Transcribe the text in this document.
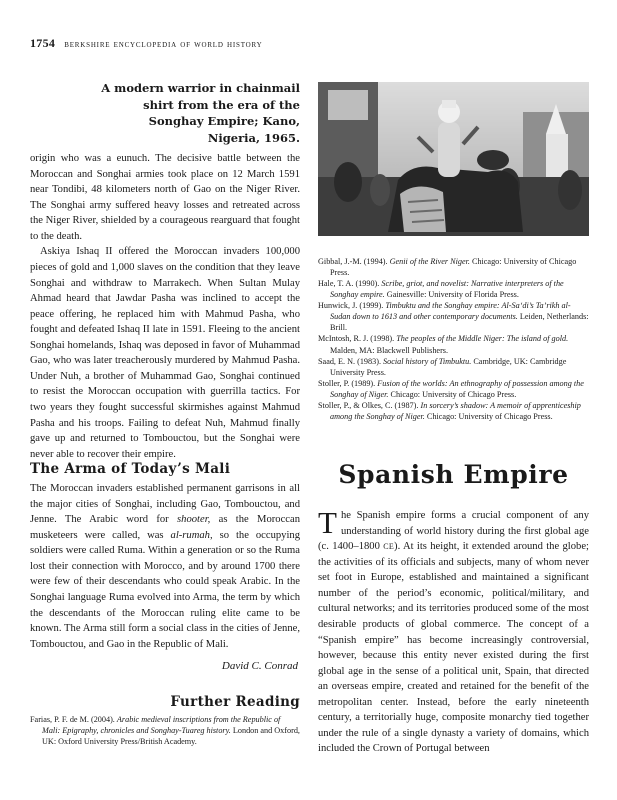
1754 berkshire encyclopedia of world history
A modern warrior in chainmail shirt from the era of the Songhay Empire; Kano, Nigeria, 1965.

origin who was a eunuch. The decisive battle between the Moroccan and Songhai armies took place on 12 March 1591 near Tondibi, 48 kilometers north of Gao on the Niger River. The Songhai army suffered heavy losses and retreated across the Niger River, shielded by a courageous rearguard that fought to the death.

Askiya Ishaq II offered the Moroccan invaders 100,000 pieces of gold and 1,000 slaves on the condition that they leave Songhai and withdraw to Marrakech. When Sultan Mulay Ahmad heard that Jawdar Pasha was inclined to accept the peace offering, he replaced him with Mahmud Pasha, who fought and defeated Ishaq II late in 1591. Fleeing to the ancient Songhai homelands, Ishaq was deposed in favor of Muhammad Gao, who was later treacherously murdered by Mahmud Pasha. Under Nuh, a brother of Muhammad Gao, Songhai continued to resist the Moroccan occupation with guerrilla tactics. For two years they fought successful skirmishes against Mahmud Pasha and his troops. Failing to defeat Nuh, Mahmud finally gave up and returned to Tombouctou, but the Songhai were never able to recover their empire.

The Arma of Today’s Mali

The Moroccan invaders established permanent garrisons in all the major cities of Songhai, including Gao, Tombouctou, and Jenne. The Arabic word for shooter, as the Moroccan musketeers were called, was al-rumah, so the occupying soldiers were called Ruma. Within a generation or so the Ruma lost their connection with Morocco, and by around 1700 there were few of their descendants who could speak Arabic. In the Songhai language Ruma evolved into Arma, the term by which the descendants of the Moroccan ruling elite came to be known. The Arma still form a social class in the cities of Jenne, Tombouctou, and Gao in the Republic of Mali.

David C. Conrad
Further Reading

Farias, P. F. de M. (2004). Arabic medieval inscriptions from the Republic of Mali: Epigraphy, chronicles and Songhay-Tuareg history. London and Oxford, UK: Oxford University Press/British Academy.

Gibbal, J.-M. (1994). Genii of the River Niger. Chicago: University of Chicago Press.

Hale, T. A. (1990). Scribe, griot, and novelist: Narrative interpreters of the Songhay empire. Gainesville: University of Florida Press.

Hunwick, J. (1999). Timbuktu and the Songhay empire: Al-Sa‘di’s Ta’rikh al-Sudan down to 1613 and other contemporary documents. Leiden, Netherlands: Brill.

McIntosh, R. J. (1998). The peoples of the Middle Niger: The island of gold. Malden, MA: Blackwell Publishers.

Saad, E. N. (1983). Social history of Timbuktu. Cambridge, UK: Cambridge University Press.

Stoller, P. (1989). Fusion of the worlds: An ethnography of possession among the Songhay of Niger. Chicago: University of Chicago Press.

Stoller, P., & Olkes, C. (1987). In sorcery’s shadow: A memoir of apprenticeship among the Songhay of Niger. Chicago: University of Chicago Press.

Spanish Empire

The Spanish empire forms a crucial component of any understanding of world history during the first global age (c. 1400–1800 CE). At its height, it extended around the globe; the activities of its officials and subjects, many of whom never set foot in Europe, established and maintained a significant number of the period’s economic, political/military, and cultural networks; and its territories produced some of the most desirable products of global commerce. The concept of a “Spanish empire” has become increasingly controversial, however, because this entity never existed during the first global age in the sense of a political unit, Spain, that directed an overseas empire, created and retained for the benefit of the metropolitan center. Instead, before the early nineteenth century, a territorially huge, composite monarchy tied together under the rule of a single dynasty a variety of domains, which included the Crown of Portugal between
